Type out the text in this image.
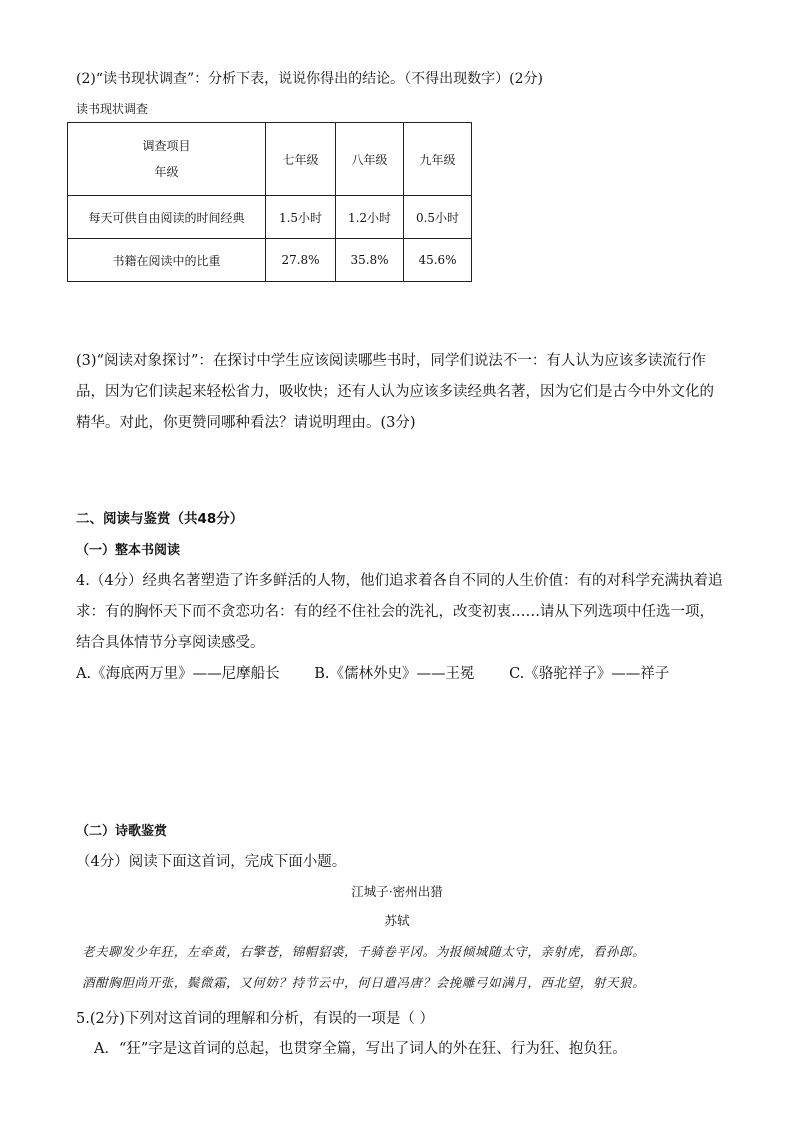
(2)“读书现状调查”：分析下表，说说你得出的结论。（不得出现数字）(2分)
读书现状调查
调查项目
年级	七年级	八年级	九年级
每天可供自由阅读的时间经典	1.5小时	1.2小时	0.5小时
书籍在阅读中的比重	27.8%	35.8%	45.6%
(3)“阅读对象探讨”：在探讨中学生应该阅读哪些书时，同学们说法不一：有人认为应该多读流行作品，因为它们读起来轻松省力，吸收快；还有人认为应该多读经典名著，因为它们是古今中外文化的精华。对此，你更赞同哪种看法？请说明理由。(3分)
二、阅读与鉴赏（共48分）
（一）整本书阅读
4.（4分）经典名著塑造了许多鲜活的人物，他们追求着各自不同的人生价值：有的对科学充满执着追求：有的胸怀天下而不贪恋功名：有的经不住社会的洗礼，改变初衷……请从下列选项中任选一项，结合具体情节分享阅读感受。
A.《海底两万里》——尼摩船长 B.《儒林外史》——王冕 C.《骆驼祥子》——祥子
（二）诗歌鉴赏
（4分）阅读下面这首词，完成下面小题。
江城子·密州出猎
苏轼
老夫聊发少年狂，左牵黄，右擎苍，锦帽貂裘，千骑卷平冈。为报倾城随太守，亲射虎，看孙郎。
酒酣胸胆尚开张，鬓微霜，又何妨？持节云中，何日遣冯唐？会挽雕弓如满月，西北望，射天狼。
5.(2分)下列对这首词的理解和分析，有误的一项是（ ）
A．“狂”字是这首词的总起，也贯穿全篇，写出了词人的外在狂、行为狂、抱负狂。
